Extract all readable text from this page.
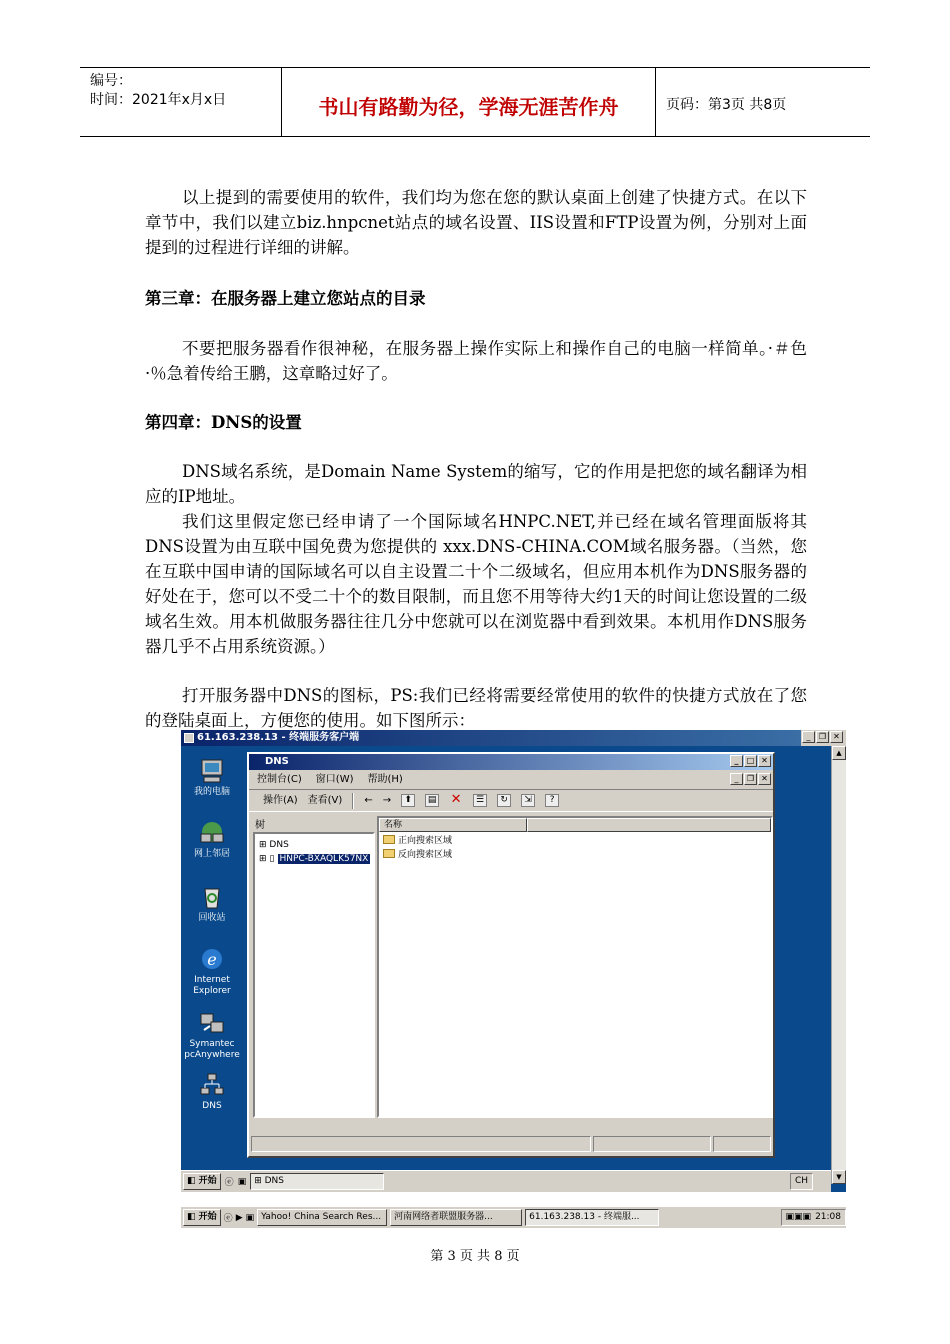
编号：
时间：2021年x月x日	书山有路勤为径，学海无涯苦作舟	页码：第3页 共8页

以上提到的需要使用的软件，我们均为您在您的默认桌面上创建了快捷方式。在以下章节中，我们以建立biz.hnpcnet站点的域名设置、IIS设置和FTP设置为例，分别对上面提到的过程进行详细的讲解。

第三章：在服务器上建立您站点的目录

不要把服务器看作很神秘，在服务器上操作实际上和操作自己的电脑一样简单。·＃色·％急着传给王鹏，这章略过好了。

第四章：DNS的设置

DNS域名系统，是Domain Name System的缩写，它的作用是把您的域名翻译为相应的IP地址。

我们这里假定您已经申请了一个国际域名HNPC.NET,并已经在域名管理面版将其DNS设置为由互联中国免费为您提供的 xxx.DNS-CHINA.COM域名服务器。（当然，您在互联中国申请的国际域名可以自主设置二十个二级域名，但应用本机作为DNS服务器的好处在于，您可以不受二十个的数目限制，而且您不用等待大约1天的时间让您设置的二级域名生效。用本机做服务器往往几分中您就可以在浏览器中看到效果。本机用作DNS服务器几乎不占用系统资源。）

打开服务器中DNS的图标，PS:我们已经将需要经常使用的软件的快捷方式放在了您的登陆桌面上，方便您的使用。如下图所示：

61.163.238.13 - 终端服务客户端	_	❐ ✕
▲
▼
我的电脑
网上邻居
回收站
e
Internet Explorer
Symantec pcAnywhere
DNS
DNS	_	□ ✕
控制台(C) 窗口(W) 帮助(H)	_	❐ ✕
操作(A) 查看(V) ← →	⬆	▤ ✕	☰	↻	⇲	?
树
⊞ DNS
⊞ ▯ HNPC-BXAQLK57NX
名称
正向搜索区域
反向搜索区域
◧ 开始 ⓔ ▣ ⊞ DNS	CH
◧ 开始 ⓔ ▶ ▣ Yahoo! China Search Res...	河南网络者联盟服务器...	61.163.238.13 - 终端服...	▣▣▣ 21:08
第 3 页 共 8 页
